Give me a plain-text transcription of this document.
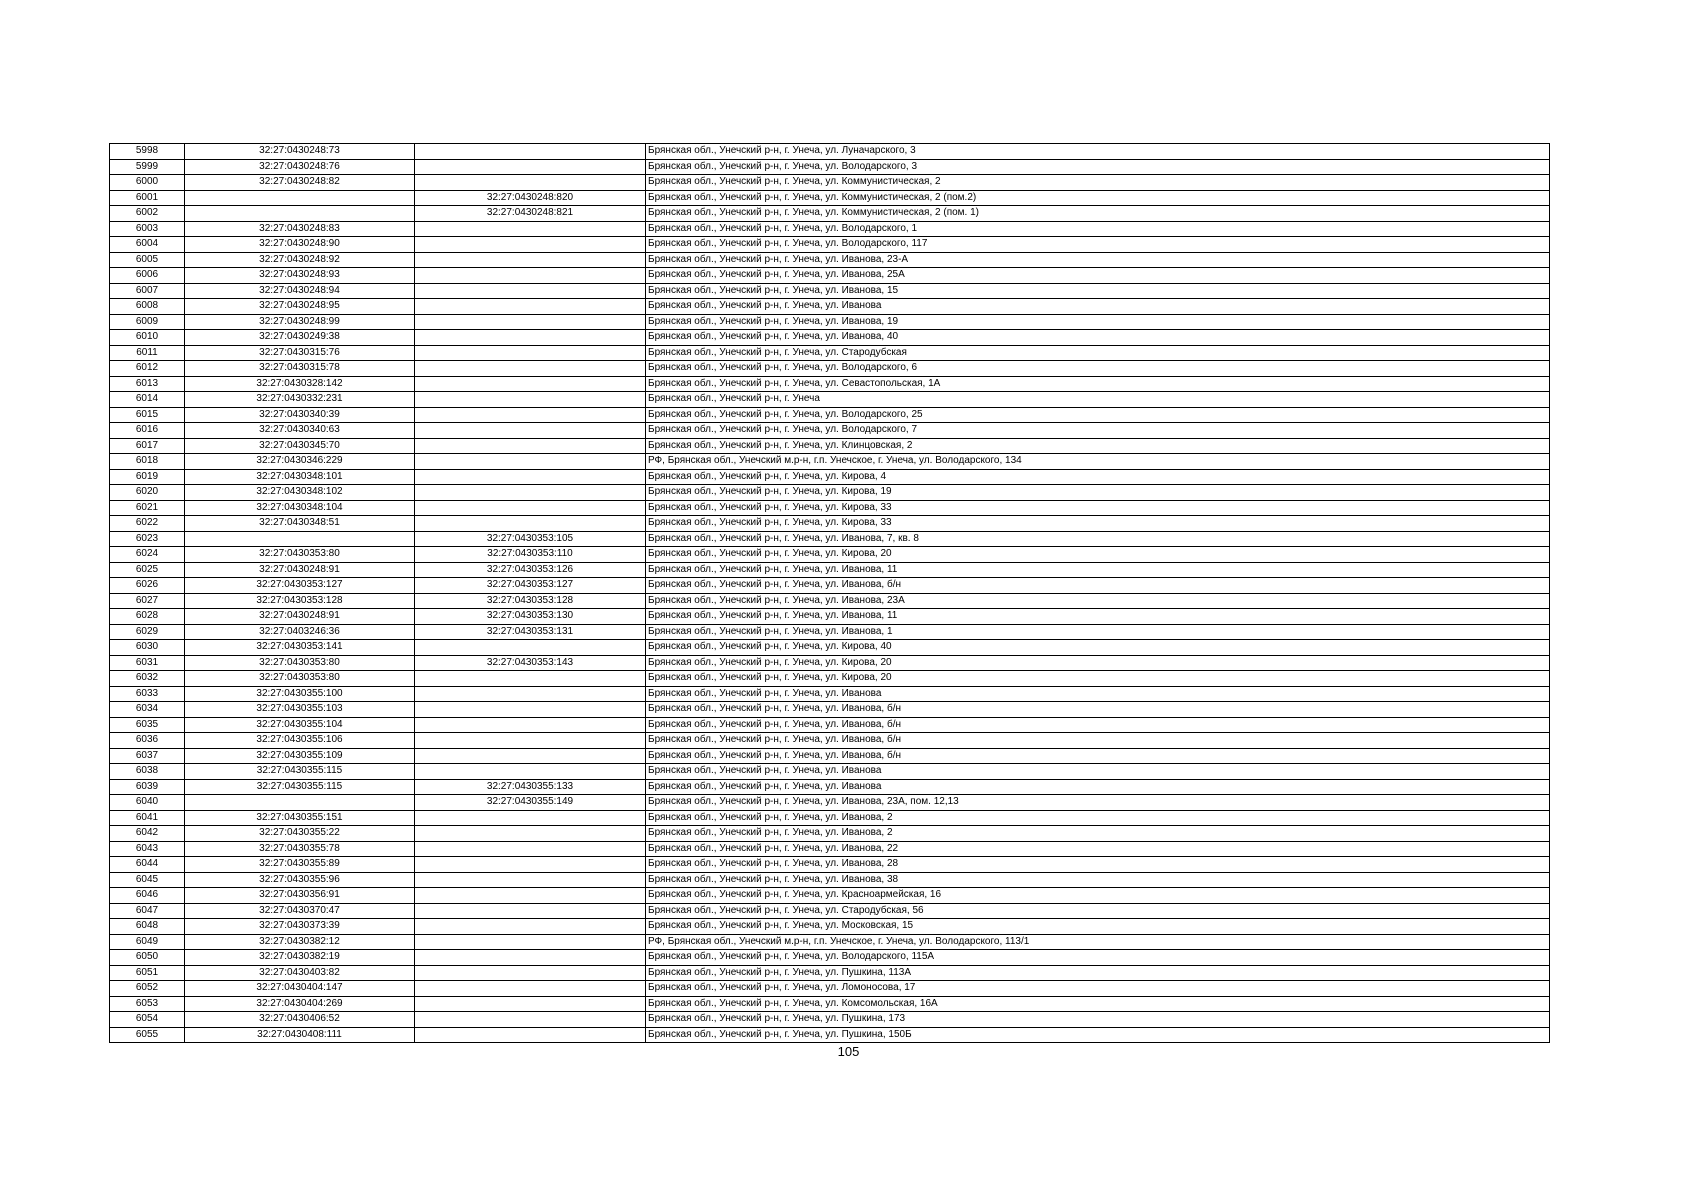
5998	32:27:0430248:73		Брянская обл., Унечский р-н, г. Унеча, ул. Луначарского, 3
5999	32:27:0430248:76		Брянская обл., Унечский р-н, г. Унеча, ул. Володарского, 3
6000	32:27:0430248:82		Брянская обл., Унечский р-н, г. Унеча, ул. Коммунистическая, 2
6001		32:27:0430248:820	Брянская обл., Унечский р-н, г. Унеча, ул. Коммунистическая, 2 (пом.2)
6002		32:27:0430248:821	Брянская обл., Унечский р-н, г. Унеча, ул. Коммунистическая, 2 (пом. 1)
6003	32:27:0430248:83		Брянская обл., Унечский р-н, г. Унеча, ул. Володарского, 1
6004	32:27:0430248:90		Брянская обл., Унечский р-н, г. Унеча, ул. Володарского, 117
6005	32:27:0430248:92		Брянская обл., Унечский р-н, г. Унеча, ул. Иванова, 23-А
6006	32:27:0430248:93		Брянская обл., Унечский р-н, г. Унеча, ул. Иванова, 25А
6007	32:27:0430248:94		Брянская обл., Унечский р-н, г. Унеча, ул. Иванова, 15
6008	32:27:0430248:95		Брянская обл., Унечский р-н, г. Унеча, ул. Иванова
6009	32:27:0430248:99		Брянская обл., Унечский р-н, г. Унеча, ул. Иванова, 19
6010	32:27:0430249:38		Брянская обл., Унечский р-н, г. Унеча, ул. Иванова, 40
6011	32:27:0430315:76		Брянская обл., Унечский р-н, г. Унеча, ул. Стародубская
6012	32:27:0430315:78		Брянская обл., Унечский р-н, г. Унеча, ул. Володарского, 6
6013	32:27:0430328:142		Брянская обл., Унечский р-н, г. Унеча, ул. Севастопольская, 1А
6014	32:27:0430332:231		Брянская обл., Унечский р-н, г. Унеча
6015	32:27:0430340:39		Брянская обл., Унечский р-н, г. Унеча, ул. Володарского, 25
6016	32:27:0430340:63		Брянская обл., Унечский р-н, г. Унеча, ул. Володарского, 7
6017	32:27:0430345:70		Брянская обл., Унечский р-н, г. Унеча, ул. Клинцовская, 2
6018	32:27:0430346:229		РФ, Брянская обл., Унечский м.р-н, г.п. Унечское, г. Унеча, ул. Володарского, 134
6019	32:27:0430348:101		Брянская обл., Унечский р-н, г. Унеча, ул. Кирова, 4
6020	32:27:0430348:102		Брянская обл., Унечский р-н, г. Унеча, ул. Кирова, 19
6021	32:27:0430348:104		Брянская обл., Унечский р-н, г. Унеча, ул. Кирова, 33
6022	32:27:0430348:51		Брянская обл., Унечский р-н, г. Унеча, ул. Кирова, 33
6023		32:27:0430353:105	Брянская обл., Унечский р-н, г. Унеча, ул. Иванова, 7, кв. 8
6024	32:27:0430353:80	32:27:0430353:110	Брянская обл., Унечский р-н, г. Унеча, ул. Кирова, 20
6025	32:27:0430248:91	32:27:0430353:126	Брянская обл., Унечский р-н, г. Унеча, ул. Иванова, 11
6026	32:27:0430353:127	32:27:0430353:127	Брянская обл., Унечский р-н, г. Унеча, ул. Иванова, б/н
6027	32:27:0430353:128	32:27:0430353:128	Брянская обл., Унечский р-н, г. Унеча, ул. Иванова, 23А
6028	32:27:0430248:91	32:27:0430353:130	Брянская обл., Унечский р-н, г. Унеча, ул. Иванова, 11
6029	32:27:0403246:36	32:27:0430353:131	Брянская обл., Унечский р-н, г. Унеча, ул. Иванова, 1
6030	32:27:0430353:141		Брянская обл., Унечский р-н, г. Унеча, ул. Кирова, 40
6031	32:27:0430353:80	32:27:0430353:143	Брянская обл., Унечский р-н, г. Унеча, ул. Кирова, 20
6032	32:27:0430353:80		Брянская обл., Унечский р-н, г. Унеча, ул. Кирова, 20
6033	32:27:0430355:100		Брянская обл., Унечский р-н, г. Унеча, ул. Иванова
6034	32:27:0430355:103		Брянская обл., Унечский р-н, г. Унеча, ул. Иванова, б/н
6035	32:27:0430355:104		Брянская обл., Унечский р-н, г. Унеча, ул. Иванова, б/н
6036	32:27:0430355:106		Брянская обл., Унечский р-н, г. Унеча, ул. Иванова, б/н
6037	32:27:0430355:109		Брянская обл., Унечский р-н, г. Унеча, ул. Иванова, б/н
6038	32:27:0430355:115		Брянская обл., Унечский р-н, г. Унеча, ул. Иванова
6039	32:27:0430355:115	32:27:0430355:133	Брянская обл., Унечский р-н, г. Унеча, ул. Иванова
6040		32:27:0430355:149	Брянская обл., Унечский р-н, г. Унеча, ул. Иванова, 23А, пом. 12,13
6041	32:27:0430355:151		Брянская обл., Унечский р-н, г. Унеча, ул. Иванова, 2
6042	32:27:0430355:22		Брянская обл., Унечский р-н, г. Унеча, ул. Иванова, 2
6043	32:27:0430355:78		Брянская обл., Унечский р-н, г. Унеча, ул. Иванова, 22
6044	32:27:0430355:89		Брянская обл., Унечский р-н, г. Унеча, ул. Иванова, 28
6045	32:27:0430355:96		Брянская обл., Унечский р-н, г. Унеча, ул. Иванова, 38
6046	32:27:0430356:91		Брянская обл., Унечский р-н, г. Унеча, ул. Красноармейская, 16
6047	32:27:0430370:47		Брянская обл., Унечский р-н, г. Унеча, ул. Стародубская, 56
6048	32:27:0430373:39		Брянская обл., Унечский р-н, г. Унеча, ул. Московская, 15
6049	32:27:0430382:12		РФ, Брянская обл., Унечский м.р-н, г.п. Унечское, г. Унеча, ул. Володарского, 113/1
6050	32:27:0430382:19		Брянская обл., Унечский р-н, г. Унеча, ул. Володарского, 115А
6051	32:27:0430403:82		Брянская обл., Унечский р-н, г. Унеча, ул. Пушкина, 113А
6052	32:27:0430404:147		Брянская обл., Унечский р-н, г. Унеча, ул. Ломоносова, 17
6053	32:27:0430404:269		Брянская обл., Унечский р-н, г. Унеча, ул. Комсомольская, 16А
6054	32:27:0430406:52		Брянская обл., Унечский р-н, г. Унеча, ул. Пушкина, 173
6055	32:27:0430408:111		Брянская обл., Унечский р-н, г. Унеча, ул. Пушкина, 150Б
105
